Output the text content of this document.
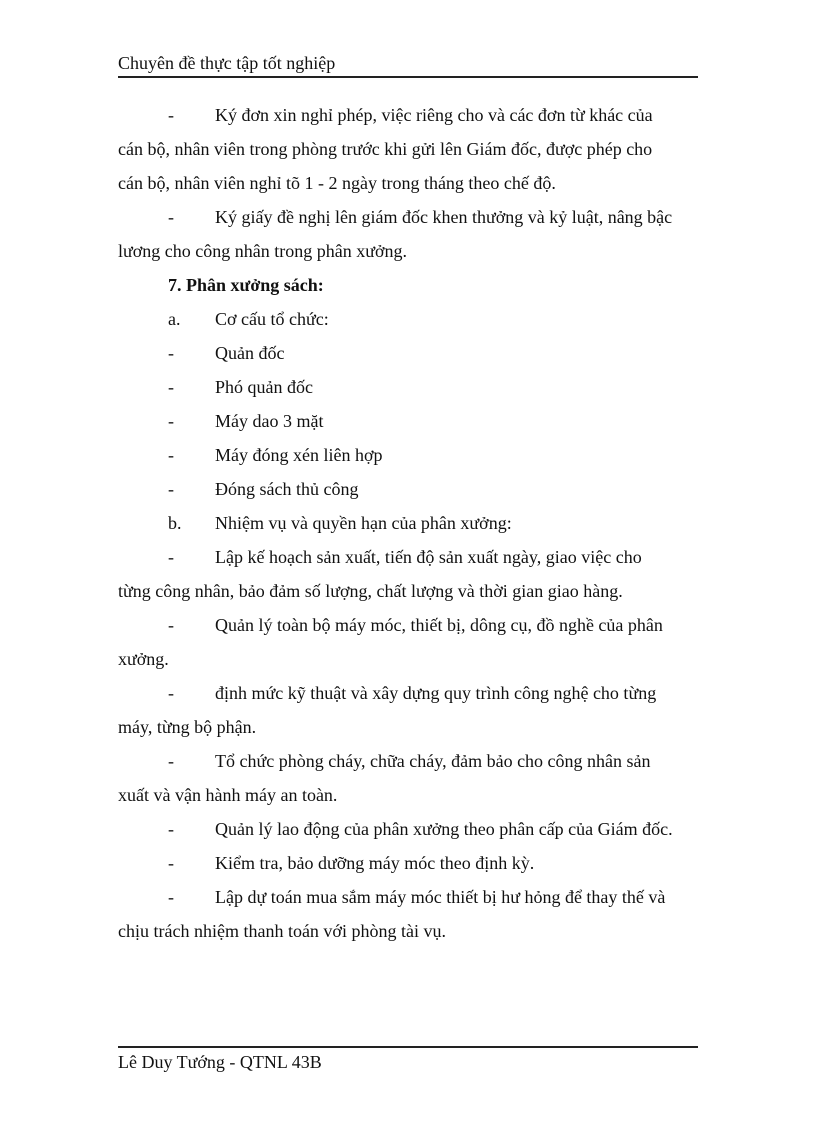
Chuyên đề thực tập tốt nghiệp
- Ký đơn xin nghỉ phép, việc riêng cho và các đơn từ khác của
cán bộ, nhân viên trong phòng trước khi gửi lên Giám đốc, được phép cho
cán bộ, nhân viên nghỉ tõ 1 - 2 ngày trong tháng theo chế độ.
- Ký giấy đề nghị lên giám đốc khen thưởng và kỷ luật, nâng bậc
lương cho công nhân trong phân xưởng.
7. Phân xưởng sách:
a. Cơ cấu tổ chức:
- Quản đốc
- Phó quản đốc
- Máy dao 3 mặt
- Máy đóng xén liên hợp
- Đóng sách thủ công
b. Nhiệm vụ và quyền hạn của phân xưởng:
- Lập kế hoạch sản xuất, tiến độ sản xuất ngày, giao việc cho
từng công nhân, bảo đảm số lượng, chất lượng và thời gian giao hàng.
- Quản lý toàn bộ máy móc, thiết bị, dông cụ, đồ nghề của phân
xưởng.
- định mức kỹ thuật và xây dựng quy trình công nghệ cho từng
máy, từng bộ phận.
- Tổ chức phòng cháy, chữa cháy, đảm bảo cho công nhân sản
xuất và vận hành máy an toàn.
- Quản lý lao động của phân xưởng theo phân cấp của Giám đốc.
- Kiểm tra, bảo dưỡng máy móc theo định kỳ.
- Lập dự toán mua sắm máy móc thiết bị hư hỏng để thay thế và
chịu trách nhiệm thanh toán với phòng tài vụ.
Lê Duy Tướng - QTNL 43B
